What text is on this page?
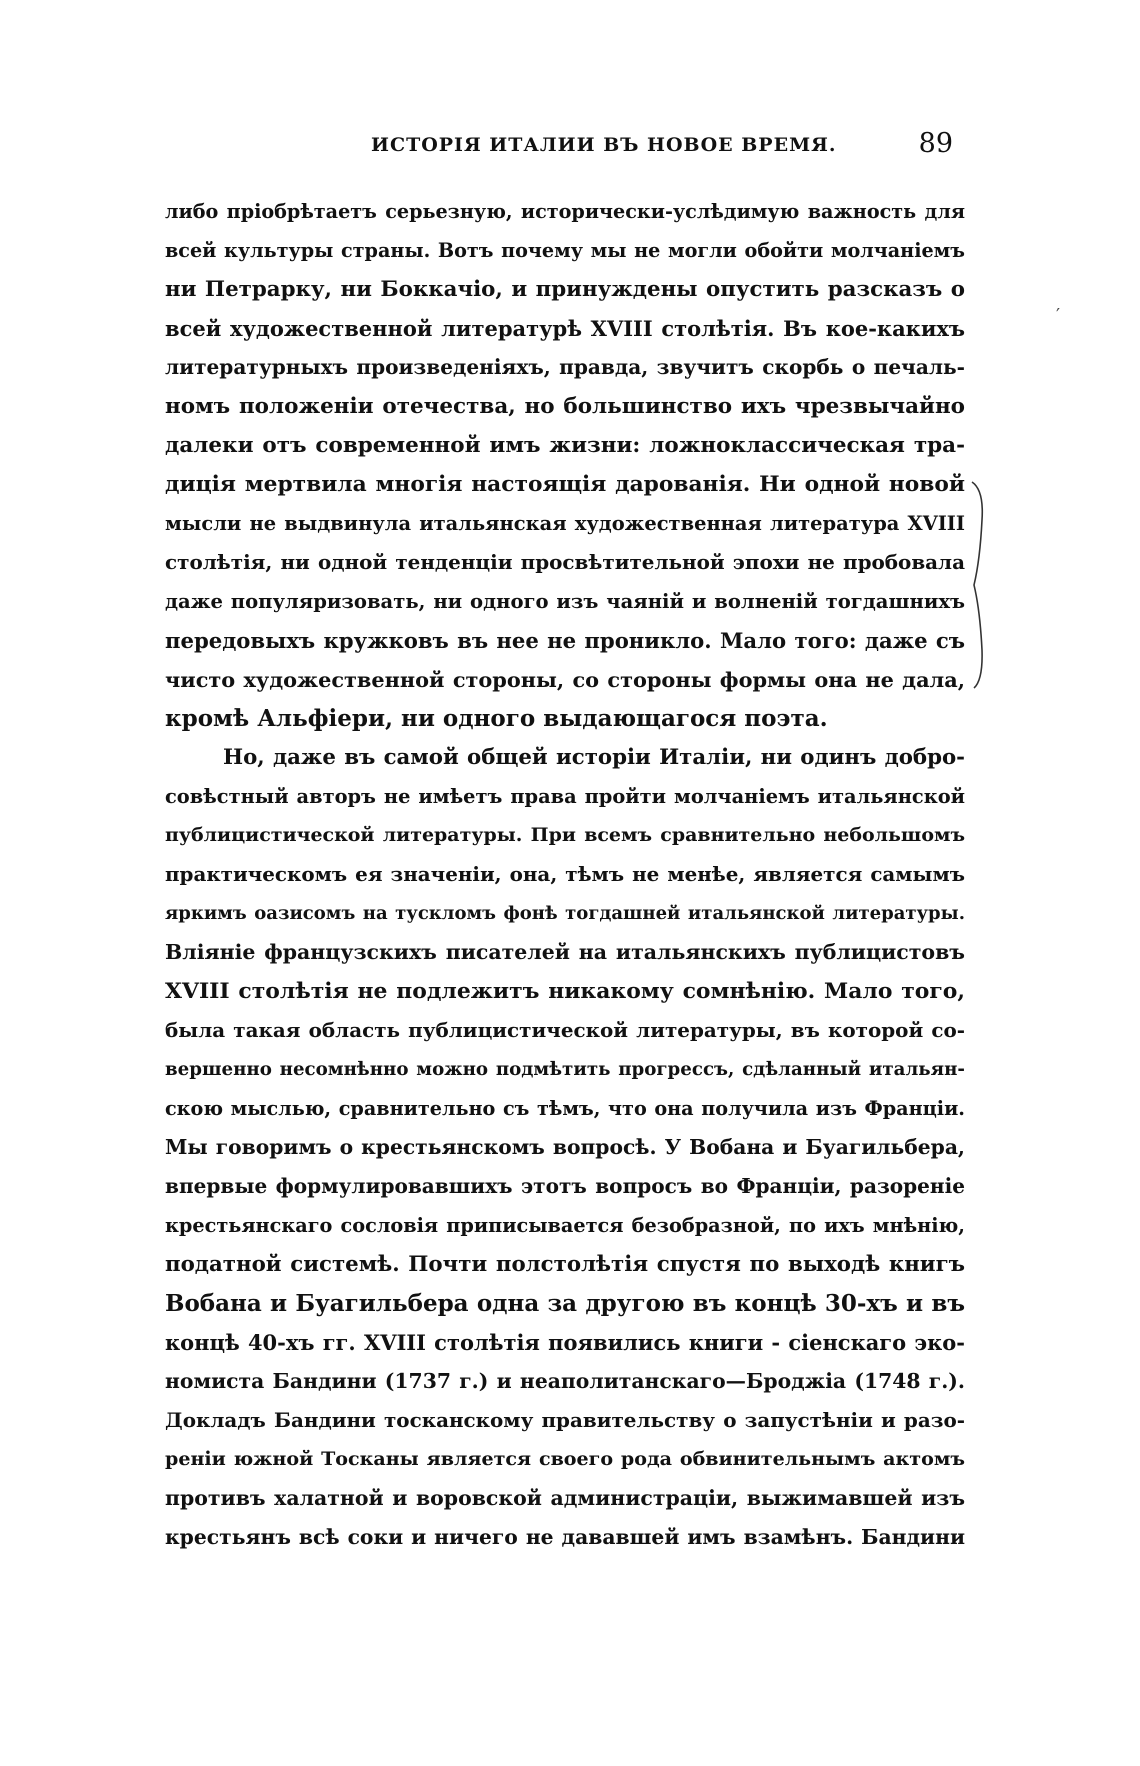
ИСТОРІЯ ИТАЛИИ ВЪ НОВОЕ ВРЕМЯ.	89
либо пріобрѣтаетъ серьезную, исторически-услѣдимую важность для
всей культуры страны. Вотъ почему мы не могли обойти молчаніемъ
ни Петрарку, ни Боккачіо, и принуждены опустить разсказъ о
всей художественной литературѣ XVIII столѣтія. Въ кое-какихъ
литературныхъ произведеніяхъ, правда, звучитъ скорбь о печаль-
номъ положеніи отечества, но большинство ихъ чрезвычайно
далеки отъ современной имъ жизни: ложноклассическая тра-
диція мертвила многія настоящія дарованія. Ни одной новой
мысли не выдвинула итальянская художественная литература XVIII
столѣтія, ни одной тенденціи просвѣтительной эпохи не пробовала
даже популяризовать, ни одного изъ чаяній и волненій тогдашнихъ
передовыхъ кружковъ въ нее не проникло. Мало того: даже съ
чисто художественной стороны, со стороны формы она не дала,
кромѣ Альфіери, ни одного выдающагося поэта.
Но, даже въ самой общей исторіи Италіи, ни одинъ добро-
совѣстный авторъ не имѣетъ права пройти молчаніемъ итальянской
публицистической литературы. При всемъ сравнительно небольшомъ
практическомъ ея значеніи, она, тѣмъ не менѣе, является самымъ
яркимъ оазисомъ на тускломъ фонѣ тогдашней итальянской литературы.
Вліяніе французскихъ писателей на итальянскихъ публицистовъ
XVIII столѣтія не подлежитъ никакому сомнѣнію. Мало того,
была такая область публицистической литературы, въ которой со-
вершенно несомнѣнно можно подмѣтить прогрессъ, сдѣланный итальян-
скою мыслью, сравнительно съ тѣмъ, что она получила изъ Франціи.
Мы говоримъ о крестьянскомъ вопросѣ. У Вобана и Буагильбера,
впервые формулировавшихъ этотъ вопросъ во Франціи, разореніе
крестьянскаго сословія приписывается безобразной, по ихъ мнѣнію,
податной системѣ. Почти полстолѣтія спустя по выходѣ книгъ
Вобана и Буагильбера одна за другою въ концѣ 30-хъ и въ
концѣ 40-хъ гг. XVIII столѣтія появились книги - сіенскаго эко-
номиста Бандини (1737 г.) и неаполитанскаго—Броджіа (1748 г.).
Докладъ Бандини тосканскому правительству о запустѣніи и разо-
реніи южной Тосканы является своего рода обвинительнымъ актомъ
противъ халатной и воровской администраціи, выжимавшей изъ
крестьянъ всѣ соки и ничего не дававшей имъ взамѣнъ. Бандини
′
